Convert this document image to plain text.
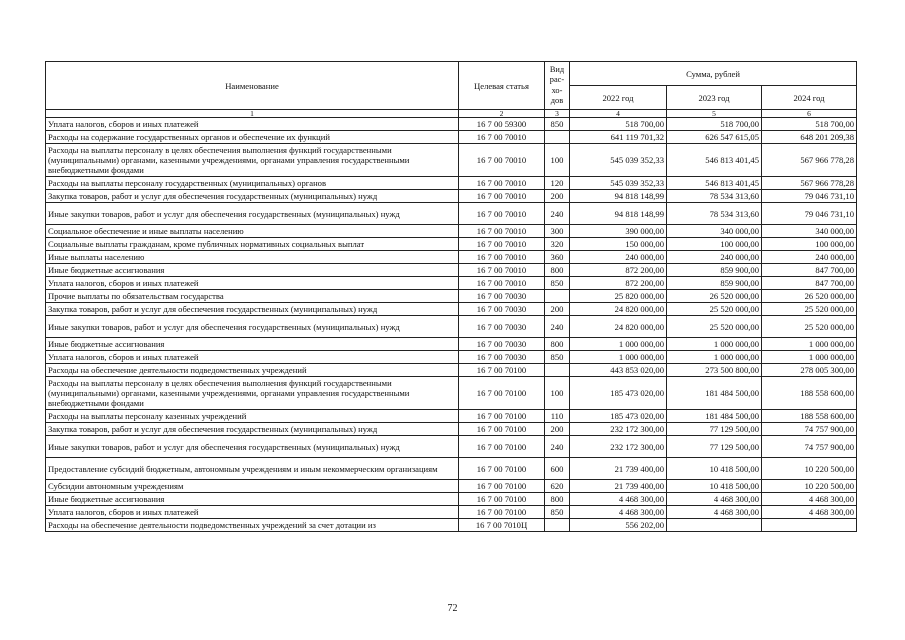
Наименование	Целевая статья	Вид рас- хо- дов	Сумма, рублей		
			2022 год	2023 год	2024 год
1	2	3	4	5	6
Уплата налогов, сборов и иных платежей	16 7 00 59300	850	518 700,00	518 700,00	518 700,00
Расходы на содержание государственных органов и обеспечение их функций	16 7 00 70010		641 119 701,32	626 547 615,05	648 201 209,38
Расходы на выплаты персоналу в целях обеспечения выполнения функций государственными (муниципальными) органами, казенными учреждениями, органами управления государственными внебюджетными фондами	16 7 00 70010	100	545 039 352,33	546 813 401,45	567 966 778,28
Расходы на выплаты персоналу государственных (муниципальных) органов	16 7 00 70010	120	545 039 352,33	546 813 401,45	567 966 778,28
Закупка товаров, работ и услуг для обеспечения государственных (муниципальных) нужд	16 7 00 70010	200	94 818 148,99	78 534 313,60	79 046 731,10
Иные закупки товаров, работ и услуг для обеспечения государственных (муниципальных) нужд	16 7 00 70010	240	94 818 148,99	78 534 313,60	79 046 731,10
Социальное обеспечение и иные выплаты населению	16 7 00 70010	300	390 000,00	340 000,00	340 000,00
Социальные выплаты гражданам, кроме публичных нормативных социальных выплат	16 7 00 70010	320	150 000,00	100 000,00	100 000,00
Иные выплаты населению	16 7 00 70010	360	240 000,00	240 000,00	240 000,00
Иные бюджетные ассигнования	16 7 00 70010	800	872 200,00	859 900,00	847 700,00
Уплата налогов, сборов и иных платежей	16 7 00 70010	850	872 200,00	859 900,00	847 700,00
Прочие выплаты по обязательствам государства	16 7 00 70030		25 820 000,00	26 520 000,00	26 520 000,00
Закупка товаров, работ и услуг для обеспечения государственных (муниципальных) нужд	16 7 00 70030	200	24 820 000,00	25 520 000,00	25 520 000,00
Иные закупки товаров, работ и услуг для обеспечения государственных (муниципальных) нужд	16 7 00 70030	240	24 820 000,00	25 520 000,00	25 520 000,00
Иные бюджетные ассигнования	16 7 00 70030	800	1 000 000,00	1 000 000,00	1 000 000,00
Уплата налогов, сборов и иных платежей	16 7 00 70030	850	1 000 000,00	1 000 000,00	1 000 000,00
Расходы на обеспечение деятельности подведомственных учреждений	16 7 00 70100		443 853 020,00	273 500 800,00	278 005 300,00
Расходы на выплаты персоналу в целях обеспечения выполнения функций государственными (муниципальными) органами, казенными учреждениями, органами управления государственными внебюджетными фондами	16 7 00 70100	100	185 473 020,00	181 484 500,00	188 558 600,00
Расходы на выплаты персоналу казенных учреждений	16 7 00 70100	110	185 473 020,00	181 484 500,00	188 558 600,00
Закупка товаров, работ и услуг для обеспечения государственных (муниципальных) нужд	16 7 00 70100	200	232 172 300,00	77 129 500,00	74 757 900,00
Иные закупки товаров, работ и услуг для обеспечения государственных (муниципальных) нужд	16 7 00 70100	240	232 172 300,00	77 129 500,00	74 757 900,00
Предоставление субсидий бюджетным, автономным учреждениям и иным некоммерческим организациям	16 7 00 70100	600	21 739 400,00	10 418 500,00	10 220 500,00
Субсидии автономным учреждениям	16 7 00 70100	620	21 739 400,00	10 418 500,00	10 220 500,00
Иные бюджетные ассигнования	16 7 00 70100	800	4 468 300,00	4 468 300,00	4 468 300,00
Уплата налогов, сборов и иных платежей	16 7 00 70100	850	4 468 300,00	4 468 300,00	4 468 300,00
Расходы на обеспечение деятельности подведомственных учреждений за счет дотации из	16 7 00 7010Ц		556 202,00		
72
